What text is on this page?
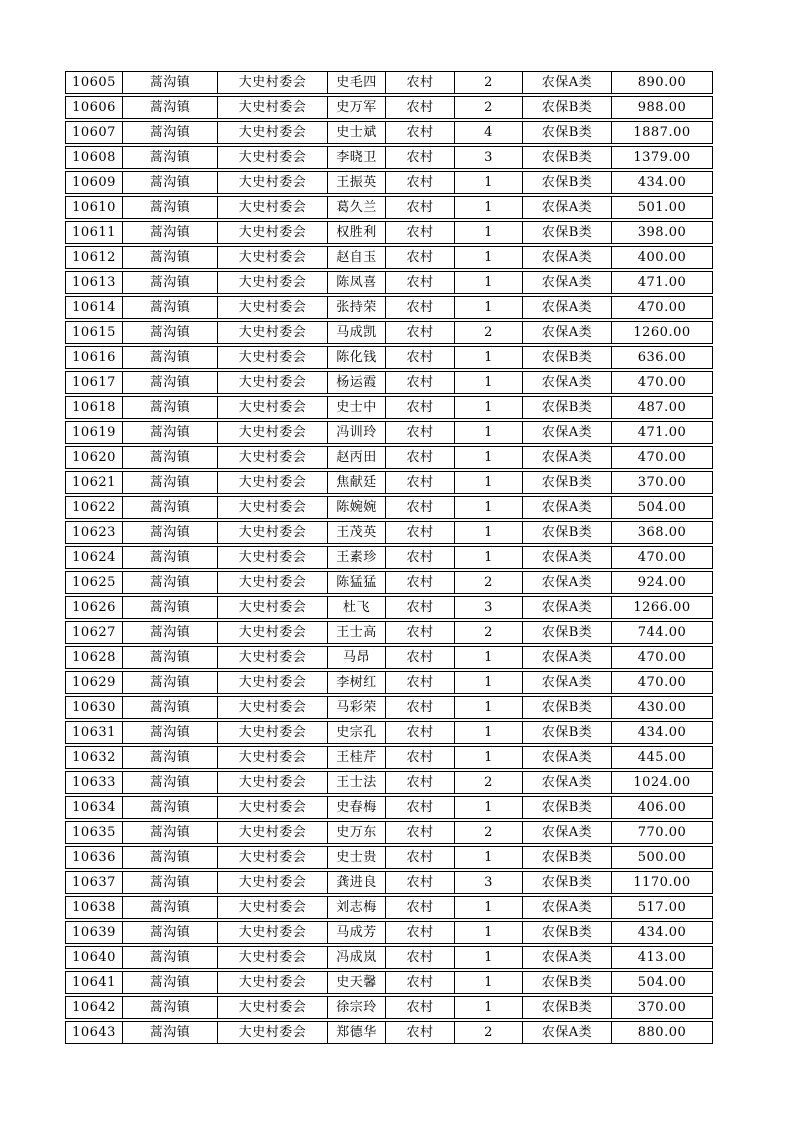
10605	蒿沟镇	大史村委会	史毛四	农村	2	农保A类	890.00
10606	蒿沟镇	大史村委会	史万军	农村	2	农保B类	988.00
10607	蒿沟镇	大史村委会	史士斌	农村	4	农保B类	1887.00
10608	蒿沟镇	大史村委会	李晓卫	农村	3	农保B类	1379.00
10609	蒿沟镇	大史村委会	王振英	农村	1	农保B类	434.00
10610	蒿沟镇	大史村委会	葛久兰	农村	1	农保A类	501.00
10611	蒿沟镇	大史村委会	权胜利	农村	1	农保B类	398.00
10612	蒿沟镇	大史村委会	赵自玉	农村	1	农保A类	400.00
10613	蒿沟镇	大史村委会	陈凤喜	农村	1	农保A类	471.00
10614	蒿沟镇	大史村委会	张持荣	农村	1	农保A类	470.00
10615	蒿沟镇	大史村委会	马成凯	农村	2	农保A类	1260.00
10616	蒿沟镇	大史村委会	陈化钱	农村	1	农保B类	636.00
10617	蒿沟镇	大史村委会	杨运霞	农村	1	农保A类	470.00
10618	蒿沟镇	大史村委会	史士中	农村	1	农保B类	487.00
10619	蒿沟镇	大史村委会	冯训玲	农村	1	农保A类	471.00
10620	蒿沟镇	大史村委会	赵丙田	农村	1	农保A类	470.00
10621	蒿沟镇	大史村委会	焦献廷	农村	1	农保B类	370.00
10622	蒿沟镇	大史村委会	陈婉婉	农村	1	农保A类	504.00
10623	蒿沟镇	大史村委会	王茂英	农村	1	农保B类	368.00
10624	蒿沟镇	大史村委会	王素珍	农村	1	农保A类	470.00
10625	蒿沟镇	大史村委会	陈猛猛	农村	2	农保A类	924.00
10626	蒿沟镇	大史村委会	杜飞	农村	3	农保A类	1266.00
10627	蒿沟镇	大史村委会	王士高	农村	2	农保B类	744.00
10628	蒿沟镇	大史村委会	马昂	农村	1	农保A类	470.00
10629	蒿沟镇	大史村委会	李树红	农村	1	农保A类	470.00
10630	蒿沟镇	大史村委会	马彩荣	农村	1	农保B类	430.00
10631	蒿沟镇	大史村委会	史宗孔	农村	1	农保B类	434.00
10632	蒿沟镇	大史村委会	王桂芹	农村	1	农保A类	445.00
10633	蒿沟镇	大史村委会	王士法	农村	2	农保A类	1024.00
10634	蒿沟镇	大史村委会	史春梅	农村	1	农保B类	406.00
10635	蒿沟镇	大史村委会	史万东	农村	2	农保A类	770.00
10636	蒿沟镇	大史村委会	史士贵	农村	1	农保B类	500.00
10637	蒿沟镇	大史村委会	龚进良	农村	3	农保B类	1170.00
10638	蒿沟镇	大史村委会	刘志梅	农村	1	农保A类	517.00
10639	蒿沟镇	大史村委会	马成芳	农村	1	农保B类	434.00
10640	蒿沟镇	大史村委会	冯成岚	农村	1	农保A类	413.00
10641	蒿沟镇	大史村委会	史天馨	农村	1	农保B类	504.00
10642	蒿沟镇	大史村委会	徐宗玲	农村	1	农保B类	370.00
10643	蒿沟镇	大史村委会	郑德华	农村	2	农保A类	880.00
